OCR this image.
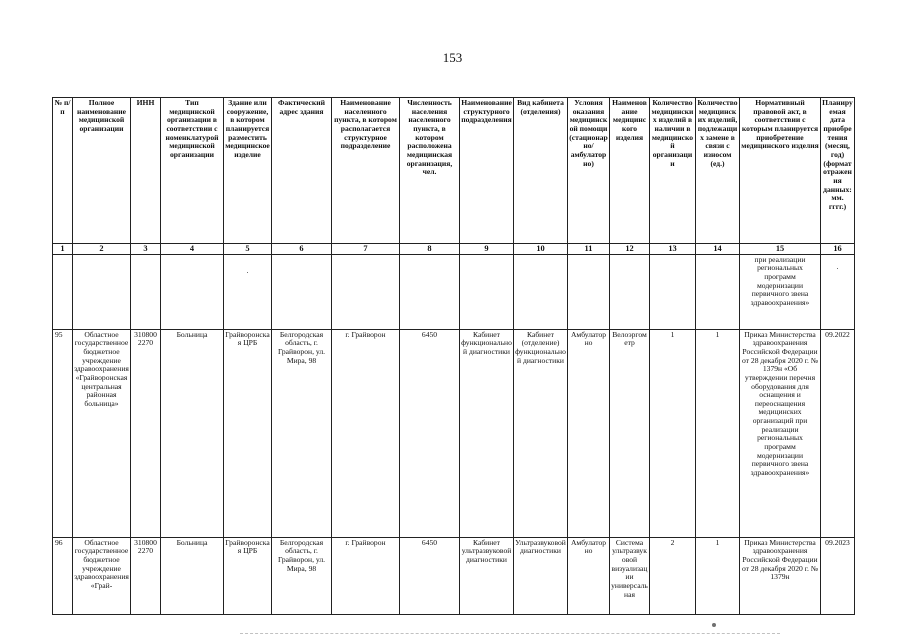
153
№ п/п	Полное наименование медицинской организации	ИНН	Тип медицинской организации в соответствии с номенклатурой медицинской организации	Здание или сооружение, в котором планируется разместить медицинское изделие	Фактический адрес здания	Наименование населенного пункта, в котором располагается структурное подразделение	Численность населения населенного пункта, в котором расположена медицинская организация, чел.	Наименование структурного подразделения	Вид кабинета (отделения)	Условия оказания медицинской помощи (стационарно/ амбулаторно)	Наименование медицинского изделия	Количество медицинских изделий в наличии в медицинской организации	Количество медицинских изделий, подлежащих замене в связи с износом (ед.)	Нормативный правовой акт, в соответствии с которым планируется приобретение медицинского изделия	Планируемая дата приобретения (месяц, год) (формат отражения данных: мм. гггг.)
1	2	3	4	5	6	7	8	9	10	11	12	13	14	15	16
				·										при реализации региональных программ модернизации первичного звена здравоохранения»	·
95	Областное государственное бюджетное учреждение здравоохранения «Грайворонская центральная районная больница»	310800 2270	Больница	Грайворонская ЦРБ	Белгородская область, г. Грайворон, ул. Мира, 98	г. Грайворон	6450	Кабинет функциональной диагностики	Кабинет (отделение) функциональной диагностики	Амбулаторно	Велоэргометр	1	1	Приказ Министерства здравоохранения Российской Федерации от 28 декабря 2020 г. № 1379н «Об утверждении перечня оборудования для оснащения и переоснащения медицинских организаций при реализации региональных программ модернизации первичного звена здравоохранения»	09.2022
96	Областное государственное бюджетное учреждение здравоохранения «Грай-	310800 2270	Больница	Грайворонская ЦРБ	Белгородская область, г. Грайворон, ул. Мира, 98	г. Грайворон	6450	Кабинет ультразвуковой диагностики	Ультразвуковой диагностики	Амбулаторно	Система ультразвуковой визуализации универсальная	2	1	Приказ Министерства здравоохранения Российской Федерации от 28 декабря 2020 г. № 1379н	09.2023
